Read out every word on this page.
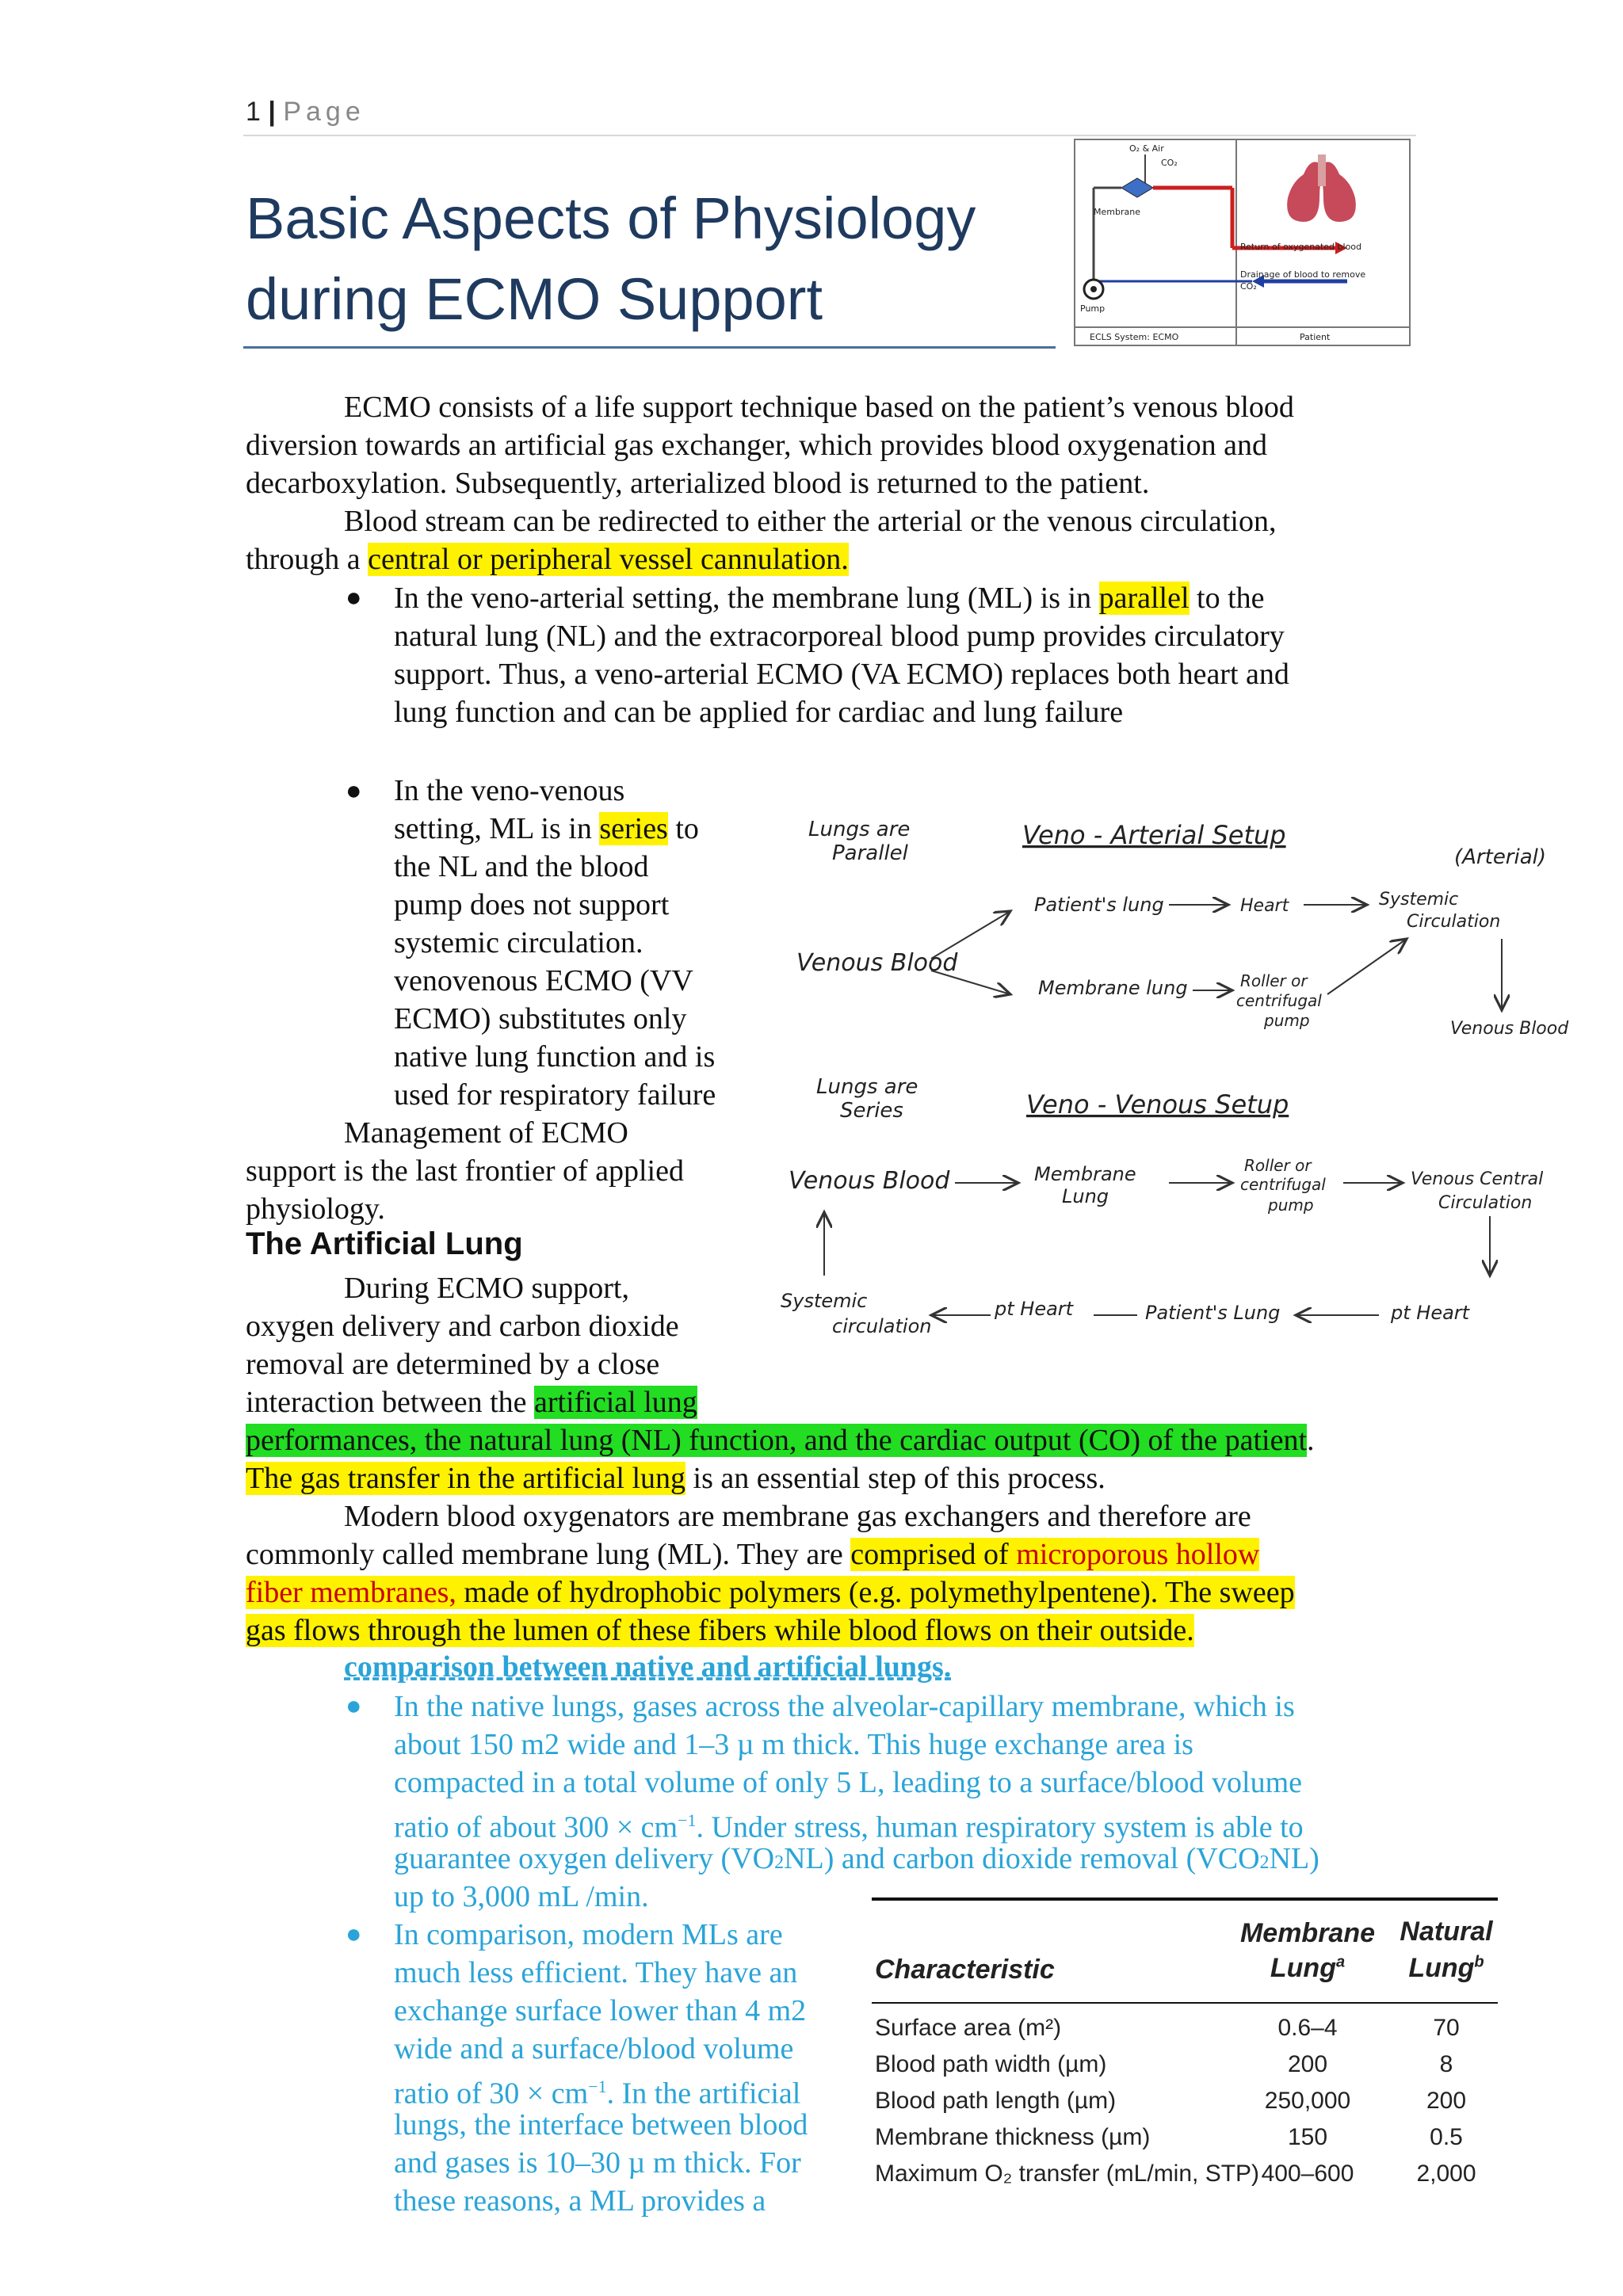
1 | Page
Basic Aspects of Physiology
during ECMO Support
O₂ & Air
CO₂
Membrane
Pump
Return of oxygenated blood
Drainage of blood to remove
CO₂
ECLS System: ECMO	Patient
ECMO consists of a life support technique based on the patient’s venous blood
diversion towards an artificial gas exchanger, which provides blood oxygenation and
decarboxylation. Subsequently, arterialized blood is returned to the patient.
Blood stream can be redirected to either the arterial or the venous circulation,
through a central or peripheral vessel cannulation.
● In the veno-arterial setting, the membrane lung (ML) is in parallel to the
natural lung (NL) and the extracorporeal blood pump provides circulatory
support. Thus, a veno-arterial ECMO (VA ECMO) replaces both heart and
lung function and can be applied for cardiac and lung failure
● In the veno-venous
setting, ML is in series to
the NL and the blood
pump does not support
systemic circulation.
venovenous ECMO (VV
ECMO) substitutes only
native lung function and is
used for respiratory failure
Management of ECMO
support is the last frontier of applied
physiology.
The Artificial Lung
During ECMO support,
oxygen delivery and carbon dioxide
removal are determined by a close
interaction between the artificial lung
performances, the natural lung (NL) function, and the cardiac output (CO) of the patient.
The gas transfer in the artificial lung is an essential step of this process.
Modern blood oxygenators are membrane gas exchangers and therefore are
commonly called membrane lung (ML). They are comprised of microporous hollow
fiber membranes, made of hydrophobic polymers (e.g. polymethylpentene). The sweep
gas flows through the lumen of these fibers while blood flows on their outside.
comparison between native and artificial lungs.
● In the native lungs, gases across the alveolar-capillary membrane, which is
about 150 m2 wide and 1–3 µ m thick. This huge exchange area is
compacted in a total volume of only 5 L, leading to a surface/blood volume
ratio of about $300 \times cm^{-1}$. Under stress, human respiratory system is able to
guarantee oxygen delivery (VO2NL) and carbon dioxide removal (VCO2NL)
up to 3,000 mL /min.
● In comparison, modern MLs are
much less efficient. They have an
exchange surface lower than 4 m2
wide and a surface/blood volume
ratio of $30 \times cm^{-1}$. In the artificial
lungs, the interface between blood
and gases is 10–30 µ m thick. For
these reasons, a ML provides a
Lungs are
Parallel
Veno - Arterial Setup
(Arterial)
Venous Blood
Patient's lung	Heart	Systemic
Circulation
Membrane lung	Roller or
centrifugal
pump	Venous Blood
Lungs are
Series	Veno - Venous Setup
Venous Blood	Membrane
Lung
Roller or
centrifugal
pump
Venous Central
Circulation
Systemic
circulation
pt Heart	Patient's Lung	pt Heart
Characteristic
Membrane
Lung$^a$
Natural
Lung$^b$
Surface area (m²)	0.6–4	70
Blood path width (µm)	200	8
Blood path length (µm)	250,000	200
Membrane thickness (µm)	150	0.5
Maximum O₂ transfer (mL/min, STP) 400–600	2,000
